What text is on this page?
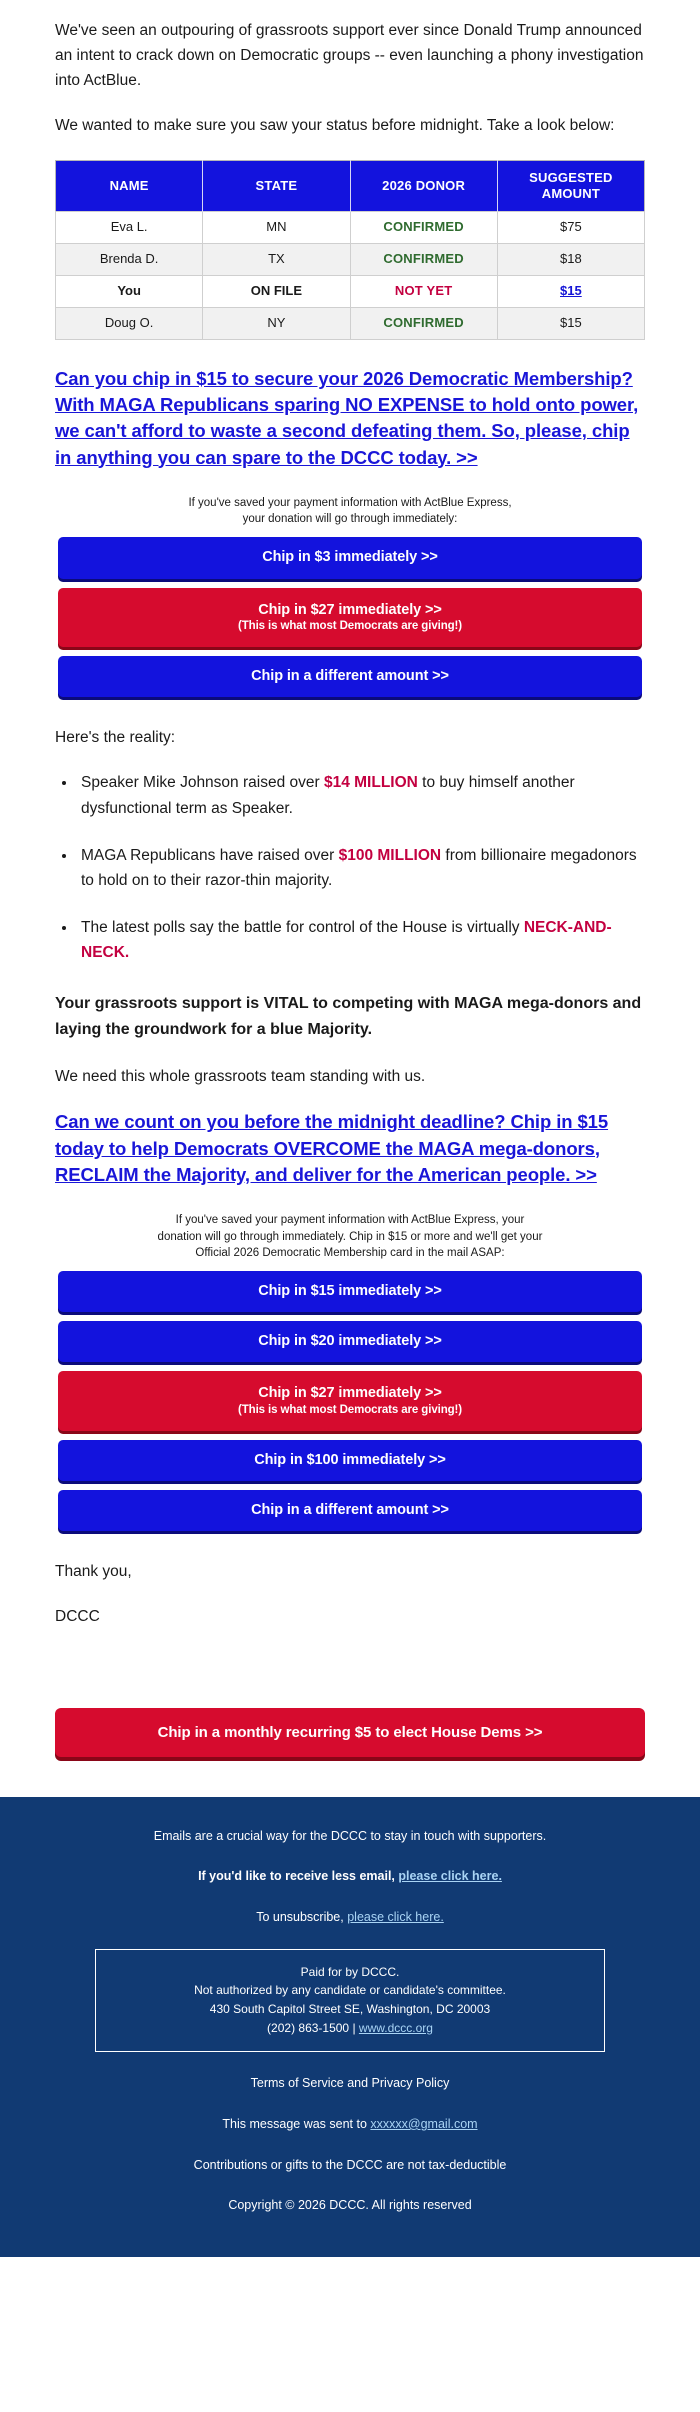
We've seen an outpouring of grassroots support ever since Donald Trump announced an intent to crack down on Democratic groups -- even launching a phony investigation into ActBlue.

We wanted to make sure you saw your status before midnight. Take a look below:

NAME	STATE	2026 DONOR	SUGGESTED AMOUNT
Eva L.	MN	CONFIRMED	$75
Brenda D.	TX	CONFIRMED	$18
You	ON FILE	NOT YET	$15
Doug O.	NY	CONFIRMED	$15
Can you chip in $15 to secure your 2026 Democratic Membership? With MAGA Republicans sparing NO EXPENSE to hold onto power, we can't afford to waste a second defeating them. So, please, chip in anything you can spare to the DCCC today. >>
If you've saved your payment information with ActBlue Express,
your donation will go through immediately:
Chip in $3 immediately >>
Chip in $27 immediately >>
(This is what most Democrats are giving!)
Chip in a different amount >>

Here's the reality:

• Speaker Mike Johnson raised over $14 MILLION to buy himself another dysfunctional term as Speaker.
• MAGA Republicans have raised over $100 MILLION from billionaire megadonors to hold on to their razor-thin majority.
• The latest polls say the battle for control of the House is virtually NECK-AND-NECK.

Your grassroots support is VITAL to competing with MAGA mega-donors and laying the groundwork for a blue Majority.

We need this whole grassroots team standing with us.

Can we count on you before the midnight deadline? Chip in $15 today to help Democrats OVERCOME the MAGA mega-donors, RECLAIM the Majority, and deliver for the American people. >>
If you've saved your payment information with ActBlue Express, your
donation will go through immediately. Chip in $15 or more and we'll get your
Official 2026 Democratic Membership card in the mail ASAP:
Chip in $15 immediately >>
Chip in $20 immediately >>
Chip in $27 immediately >>
(This is what most Democrats are giving!)
Chip in $100 immediately >>
Chip in a different amount >>

Thank you,

DCCC

Chip in a monthly recurring $5 to elect House Dems >>

Emails are a crucial way for the DCCC to stay in touch with supporters.

If you'd like to receive less email, please click here.

To unsubscribe, please click here.

Paid for by DCCC.
Not authorized by any candidate or candidate's committee.
430 South Capitol Street SE, Washington, DC 20003
(202) 863-1500 | www.dccc.org

Terms of Service and Privacy Policy

This message was sent to xxxxxx@gmail.com

Contributions or gifts to the DCCC are not tax-deductible

Copyright © 2026 DCCC. All rights reserved
